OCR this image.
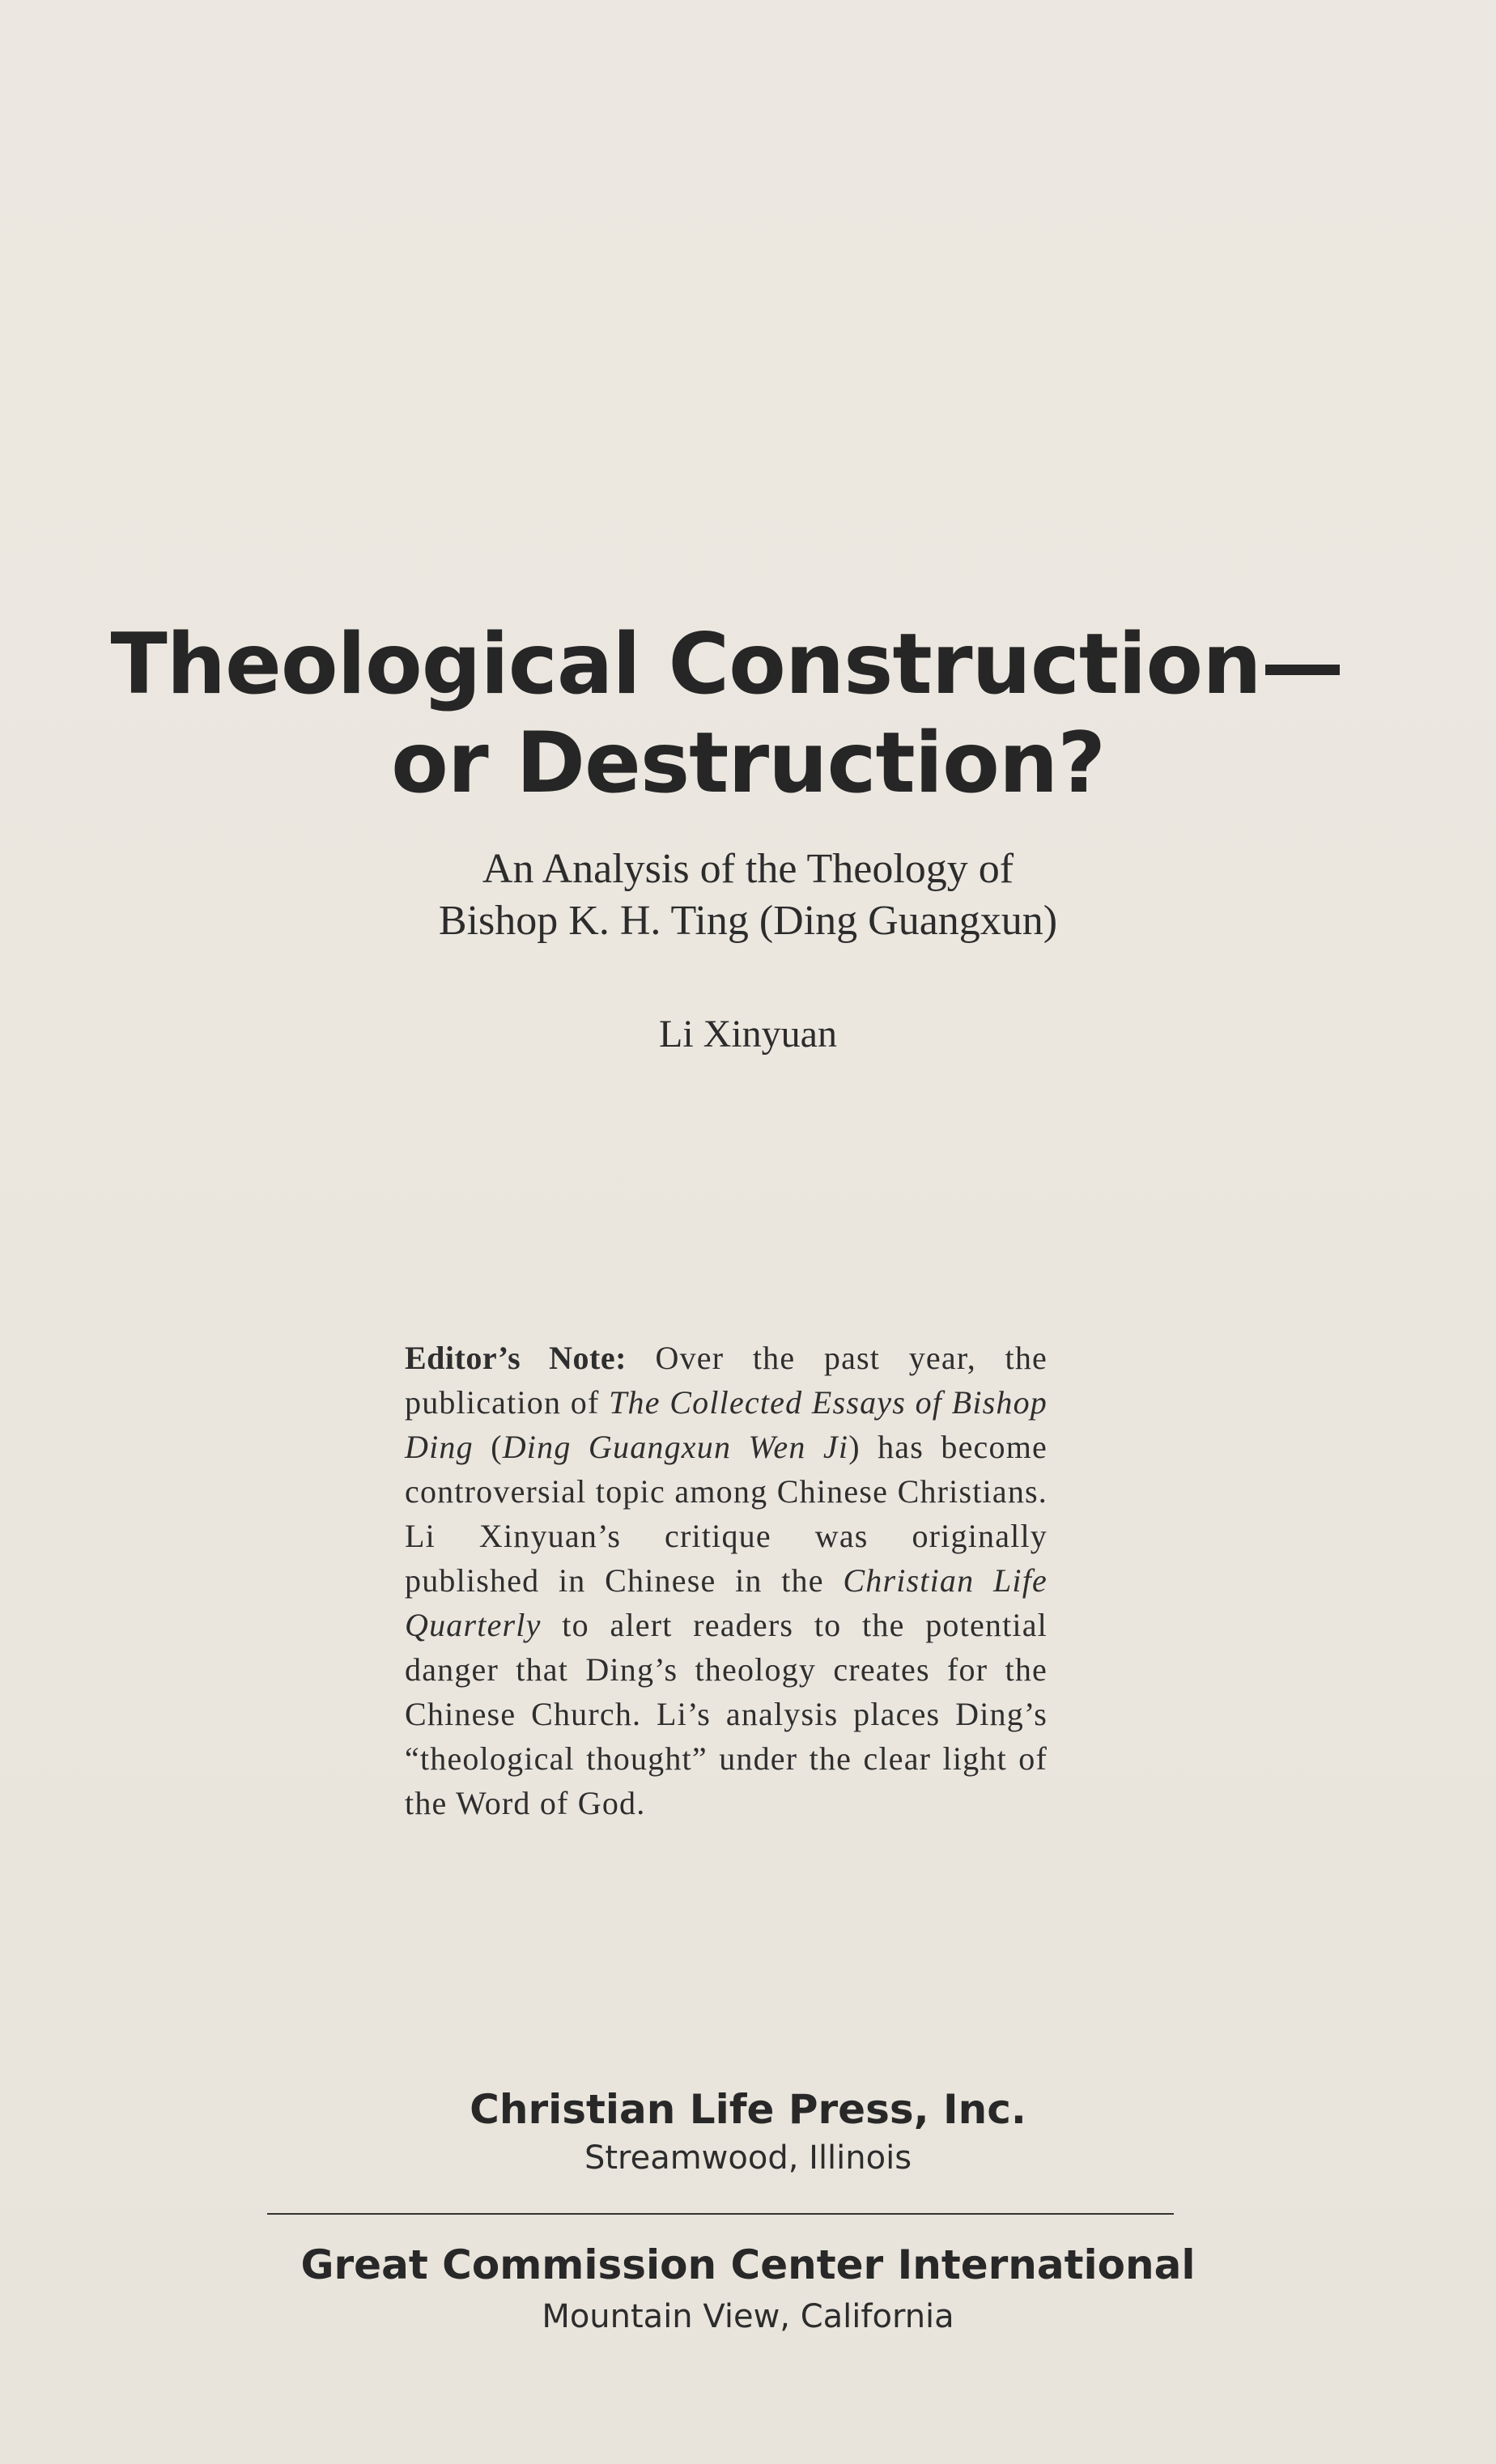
Theological Construction—
or Destruction?
An Analysis of the Theology of
Bishop K. H. Ting (Ding Guangxun)
Li Xinyuan

Editor’s Note: Over the past year, the publication of The Collected Essays of Bishop Ding (Ding Guangxun Wen Ji) has become controversial topic among Chinese Christians. Li Xinyuan’s critique was originally published in Chinese in the Christian Life Quarterly to alert readers to the potential danger that Ding’s theology creates for the Chinese Church. Li’s analysis places Ding’s “theological thought” under the clear light of the Word of God.

Christian Life Press, Inc.
Streamwood, Illinois
Great Commission Center International
Mountain View, California
